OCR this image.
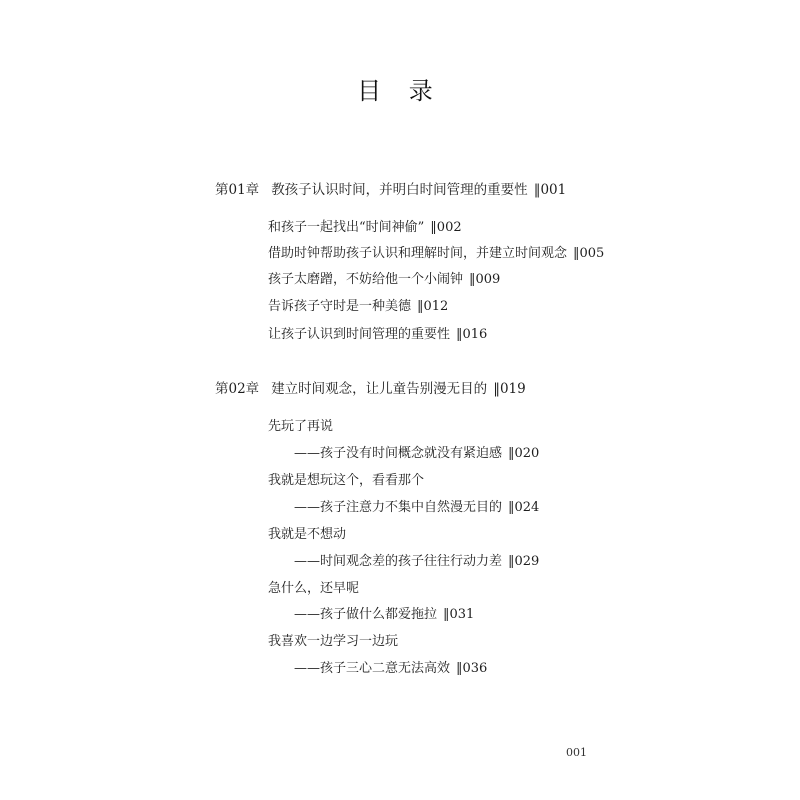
目 录
第01章 教孩子认识时间，并明白时间管理的重要性 ‖001
和孩子一起找出“时间神偷” ‖002
借助时钟帮助孩子认识和理解时间，并建立时间观念 ‖005
孩子太磨蹭，不妨给他一个小闹钟 ‖009
告诉孩子守时是一种美德 ‖012
让孩子认识到时间管理的重要性 ‖016
第02章 建立时间观念，让儿童告别漫无目的 ‖019
先玩了再说
——孩子没有时间概念就没有紧迫感 ‖020
我就是想玩这个，看看那个
——孩子注意力不集中自然漫无目的 ‖024
我就是不想动
——时间观念差的孩子往往行动力差 ‖029
急什么，还早呢
——孩子做什么都爱拖拉 ‖031
我喜欢一边学习一边玩
——孩子三心二意无法高效 ‖036
001
